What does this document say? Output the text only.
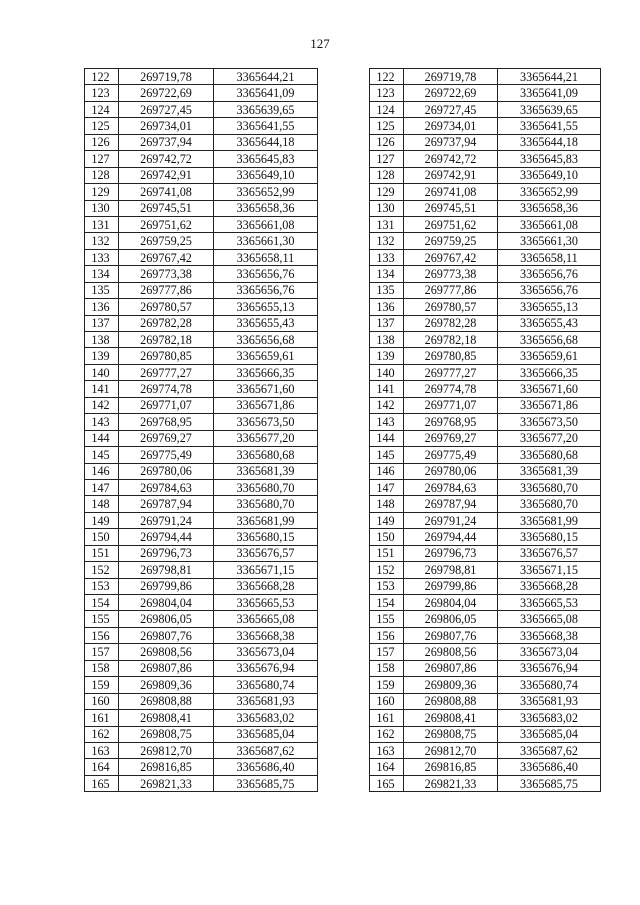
127
122	269719,78	3365644,21
123	269722,69	3365641,09
124	269727,45	3365639,65
125	269734,01	3365641,55
126	269737,94	3365644,18
127	269742,72	3365645,83
128	269742,91	3365649,10
129	269741,08	3365652,99
130	269745,51	3365658,36
131	269751,62	3365661,08
132	269759,25	3365661,30
133	269767,42	3365658,11
134	269773,38	3365656,76
135	269777,86	3365656,76
136	269780,57	3365655,13
137	269782,28	3365655,43
138	269782,18	3365656,68
139	269780,85	3365659,61
140	269777,27	3365666,35
141	269774,78	3365671,60
142	269771,07	3365671,86
143	269768,95	3365673,50
144	269769,27	3365677,20
145	269775,49	3365680,68
146	269780,06	3365681,39
147	269784,63	3365680,70
148	269787,94	3365680,70
149	269791,24	3365681,99
150	269794,44	3365680,15
151	269796,73	3365676,57
152	269798,81	3365671,15
153	269799,86	3365668,28
154	269804,04	3365665,53
155	269806,05	3365665,08
156	269807,76	3365668,38
157	269808,56	3365673,04
158	269807,86	3365676,94
159	269809,36	3365680,74
160	269808,88	3365681,93
161	269808,41	3365683,02
162	269808,75	3365685,04
163	269812,70	3365687,62
164	269816,85	3365686,40
165	269821,33	3365685,75
122	269719,78	3365644,21
123	269722,69	3365641,09
124	269727,45	3365639,65
125	269734,01	3365641,55
126	269737,94	3365644,18
127	269742,72	3365645,83
128	269742,91	3365649,10
129	269741,08	3365652,99
130	269745,51	3365658,36
131	269751,62	3365661,08
132	269759,25	3365661,30
133	269767,42	3365658,11
134	269773,38	3365656,76
135	269777,86	3365656,76
136	269780,57	3365655,13
137	269782,28	3365655,43
138	269782,18	3365656,68
139	269780,85	3365659,61
140	269777,27	3365666,35
141	269774,78	3365671,60
142	269771,07	3365671,86
143	269768,95	3365673,50
144	269769,27	3365677,20
145	269775,49	3365680,68
146	269780,06	3365681,39
147	269784,63	3365680,70
148	269787,94	3365680,70
149	269791,24	3365681,99
150	269794,44	3365680,15
151	269796,73	3365676,57
152	269798,81	3365671,15
153	269799,86	3365668,28
154	269804,04	3365665,53
155	269806,05	3365665,08
156	269807,76	3365668,38
157	269808,56	3365673,04
158	269807,86	3365676,94
159	269809,36	3365680,74
160	269808,88	3365681,93
161	269808,41	3365683,02
162	269808,75	3365685,04
163	269812,70	3365687,62
164	269816,85	3365686,40
165	269821,33	3365685,75
